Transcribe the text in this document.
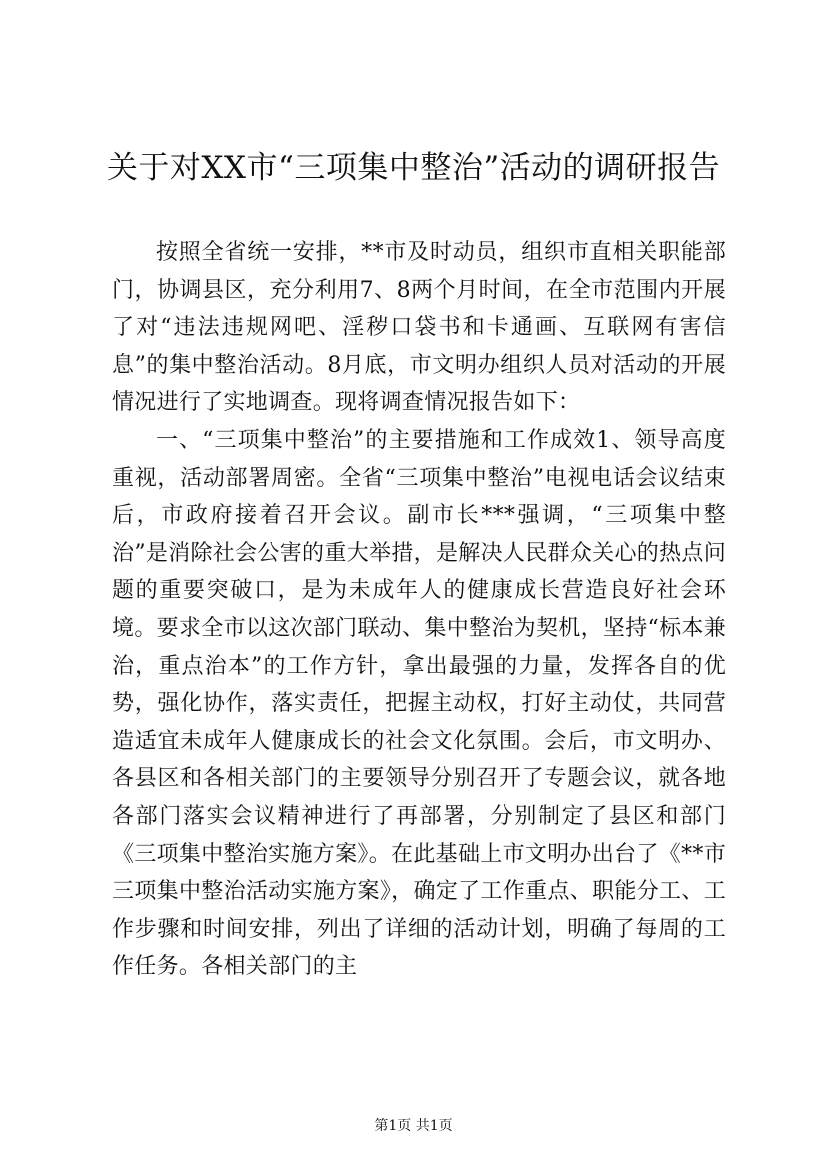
关于对XX市“三项集中整治”活动的调研报告

按照全省统一安排，**市及时动员，组织市直相关职能部门，协调县区，充分利用7、8两个月时间，在全市范围内开展了对“违法违规网吧、淫秽口袋书和卡通画、互联网有害信息”的集中整治活动。8月底，市文明办组织人员对活动的开展情况进行了实地调查。现将调查情况报告如下：

一、“三项集中整治”的主要措施和工作成效1、领导高度重视，活动部署周密。全省“三项集中整治”电视电话会议结束后，市政府接着召开会议。副市长***强调，“三项集中整治”是消除社会公害的重大举措，是解决人民群众关心的热点问题的重要突破口，是为未成年人的健康成长营造良好社会环境。要求全市以这次部门联动、集中整治为契机，坚持“标本兼治，重点治本”的工作方针，拿出最强的力量，发挥各自的优势，强化协作，落实责任，把握主动权，打好主动仗，共同营造适宜未成年人健康成长的社会文化氛围。会后，市文明办、各县区和各相关部门的主要领导分别召开了专题会议，就各地各部门落实会议精神进行了再部署，分别制定了县区和部门《三项集中整治实施方案》。在此基础上市文明办出台了《**市三项集中整治活动实施方案》，确定了工作重点、职能分工、工作步骤和时间安排，列出了详细的活动计划，明确了每周的工作任务。各相关部门的主

第1页 共1页
